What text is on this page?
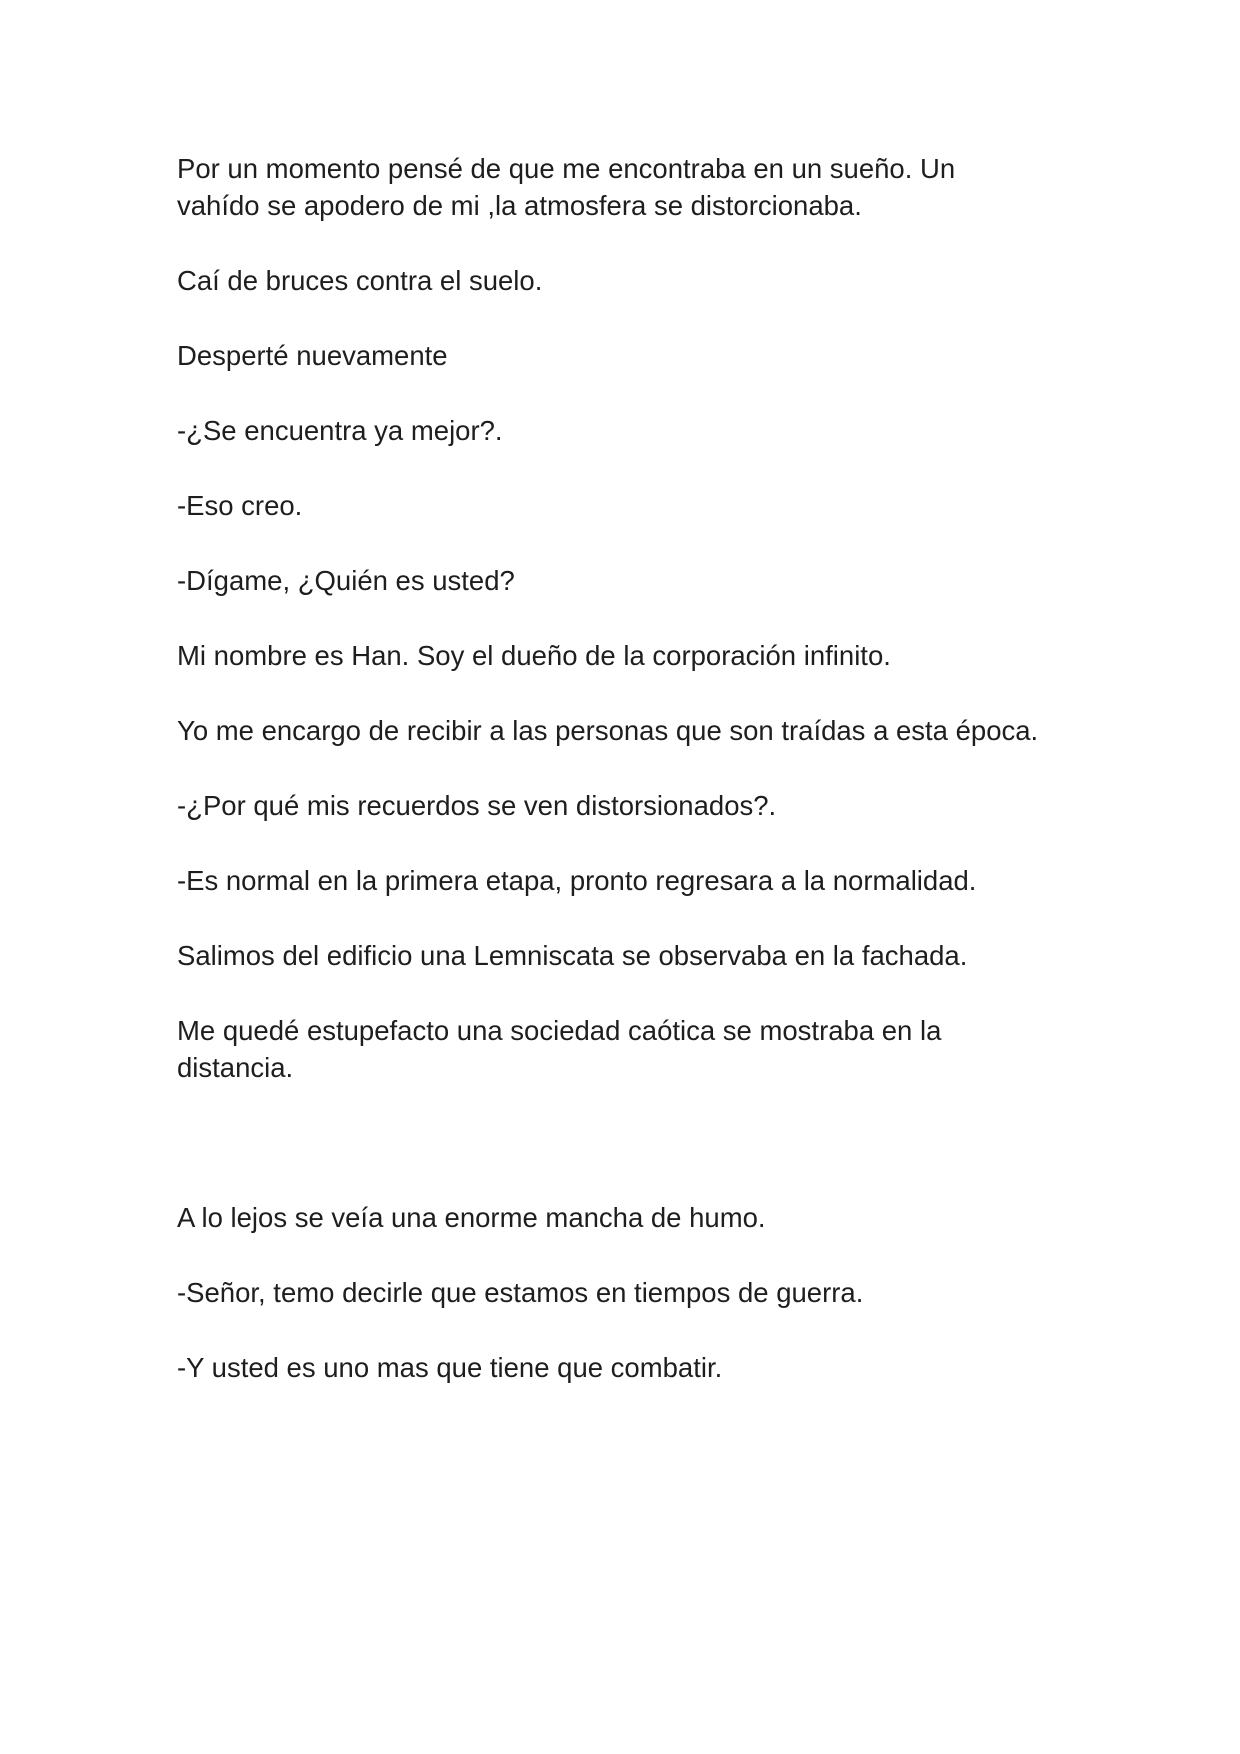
Por un momento pensé de que me encontraba en un sueño. Un vahído se apodero de mi ,la atmosfera se distorcionaba.

Caí de bruces contra el suelo.

Desperté nuevamente

-¿Se encuentra ya mejor?.

-Eso creo.

-Dígame, ¿Quién es usted?

Mi nombre es Han. Soy el dueño de la corporación infinito.

Yo me encargo de recibir a las personas que son traídas a esta época.

-¿Por qué mis recuerdos se ven distorsionados?.

-Es normal en la primera etapa, pronto regresara a la normalidad.

Salimos del edificio una Lemniscata se observaba en la fachada.

Me quedé estupefacto una sociedad caótica se mostraba en la distancia.

A lo lejos se veía una enorme mancha de humo.

-Señor, temo decirle que estamos en tiempos de guerra.

-Y usted es uno mas que tiene que combatir.
